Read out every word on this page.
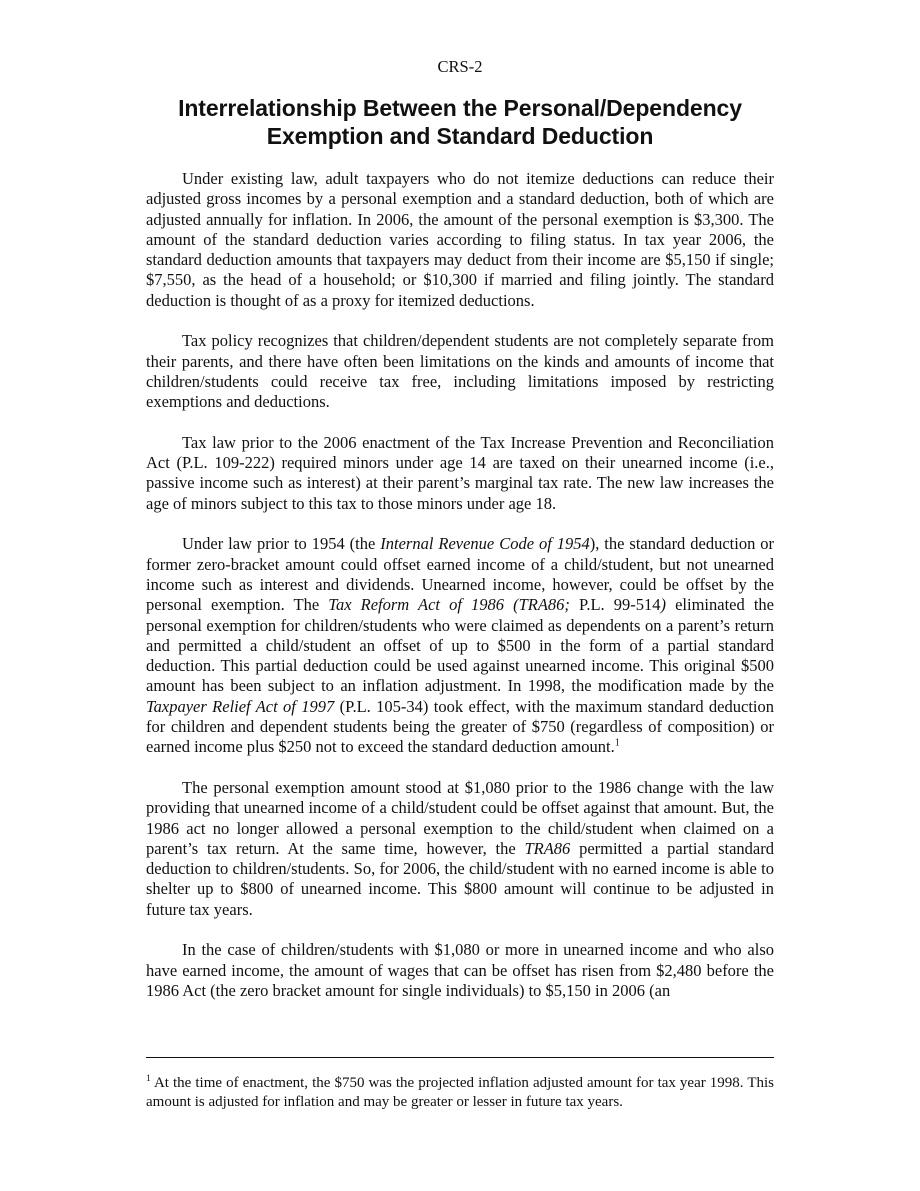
CRS-2
Interrelationship Between the Personal/Dependency
Exemption and Standard Deduction

Under existing law, adult taxpayers who do not itemize deductions can reduce their adjusted gross incomes by a personal exemption and a standard deduction, both of which are adjusted annually for inflation. In 2006, the amount of the personal exemption is $3,300. The amount of the standard deduction varies according to filing status. In tax year 2006, the standard deduction amounts that taxpayers may deduct from their income are $5,150 if single; $7,550, as the head of a household; or $10,300 if married and filing jointly. The standard deduction is thought of as a proxy for itemized deductions.

Tax policy recognizes that children/dependent students are not completely separate from their parents, and there have often been limitations on the kinds and amounts of income that children/students could receive tax free, including limitations imposed by restricting exemptions and deductions.

Tax law prior to the 2006 enactment of the Tax Increase Prevention and Reconciliation Act (P.L. 109-222) required minors under age 14 are taxed on their unearned income (i.e., passive income such as interest) at their parent’s marginal tax rate. The new law increases the age of minors subject to this tax to those minors under age 18.

Under law prior to 1954 (the Internal Revenue Code of 1954), the standard deduction or former zero-bracket amount could offset earned income of a child/student, but not unearned income such as interest and dividends. Unearned income, however, could be offset by the personal exemption. The Tax Reform Act of 1986 (TRA86; P.L. 99-514) eliminated the personal exemption for children/students who were claimed as dependents on a parent’s return and permitted a child/student an offset of up to $500 in the form of a partial standard deduction. This partial deduction could be used against unearned income. This original $500 amount has been subject to an inflation adjustment. In 1998, the modification made by the Taxpayer Relief Act of 1997 (P.L. 105-34) took effect, with the maximum standard deduction for children and dependent students being the greater of $750 (regardless of composition) or earned income plus $250 not to exceed the standard deduction amount.$^1$

The personal exemption amount stood at $1,080 prior to the 1986 change with the law providing that unearned income of a child/student could be offset against that amount. But, the 1986 act no longer allowed a personal exemption to the child/student when claimed on a parent’s tax return. At the same time, however, the TRA86 permitted a partial standard deduction to children/students. So, for 2006, the child/student with no earned income is able to shelter up to $800 of unearned income. This $800 amount will continue to be adjusted in future tax years.

In the case of children/students with $1,080 or more in unearned income and who also have earned income, the amount of wages that can be offset has risen from $2,480 before the 1986 Act (the zero bracket amount for single individuals) to $5,150 in 2006 (an

$^1$ At the time of enactment, the $750 was the projected inflation adjusted amount for tax year 1998. This amount is adjusted for inflation and may be greater or lesser in future tax years.
